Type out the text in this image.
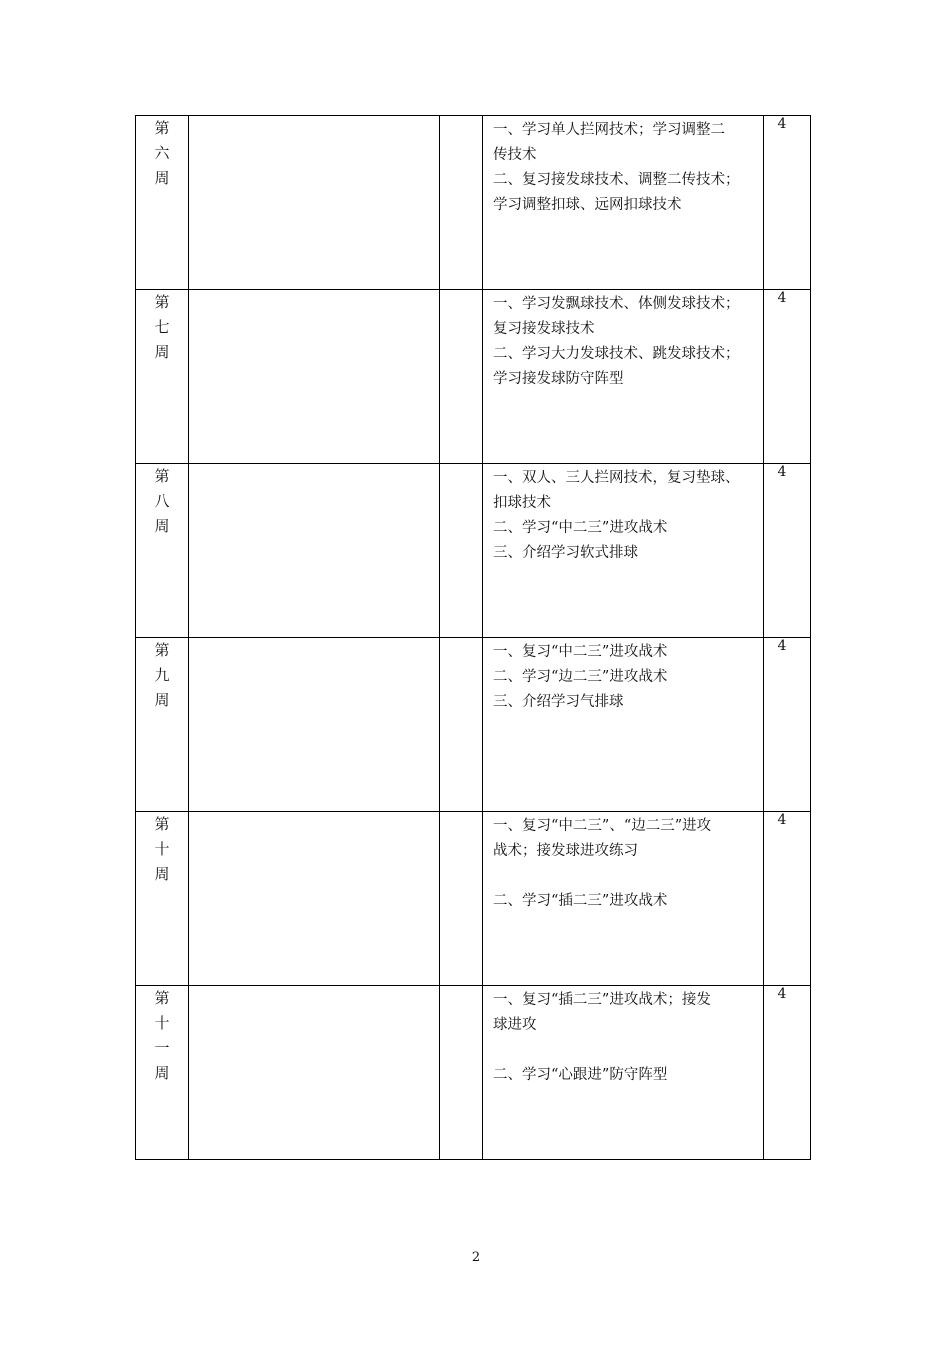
第
六
周			一、学习单人拦网技术；学习调整二
传技术
二、复习接发球技术、调整二传技术；
学习调整扣球、远网扣球技术	4

第
七
周			一、学习发飘球技术、体侧发球技术；
复习接发球技术
二、学习大力发球技术、跳发球技术；
学习接发球防守阵型	4

第
八
周			一、双人、三人拦网技术，复习垫球、
扣球技术
二、学习“中二三”进攻战术
三、介绍学习软式排球	4

第
九
周			一、复习“中二三”进攻战术
二、学习“边二三”进攻战术
三、介绍学习气排球	4

第
十
周			一、复习“中二三”、“边二三”进攻
战术；接发球进攻练习

二、学习“插二三”进攻战术	4

第
十
一
周			一、复习“插二三”进攻战术；接发
球进攻

二、学习“心跟进”防守阵型	4
2
